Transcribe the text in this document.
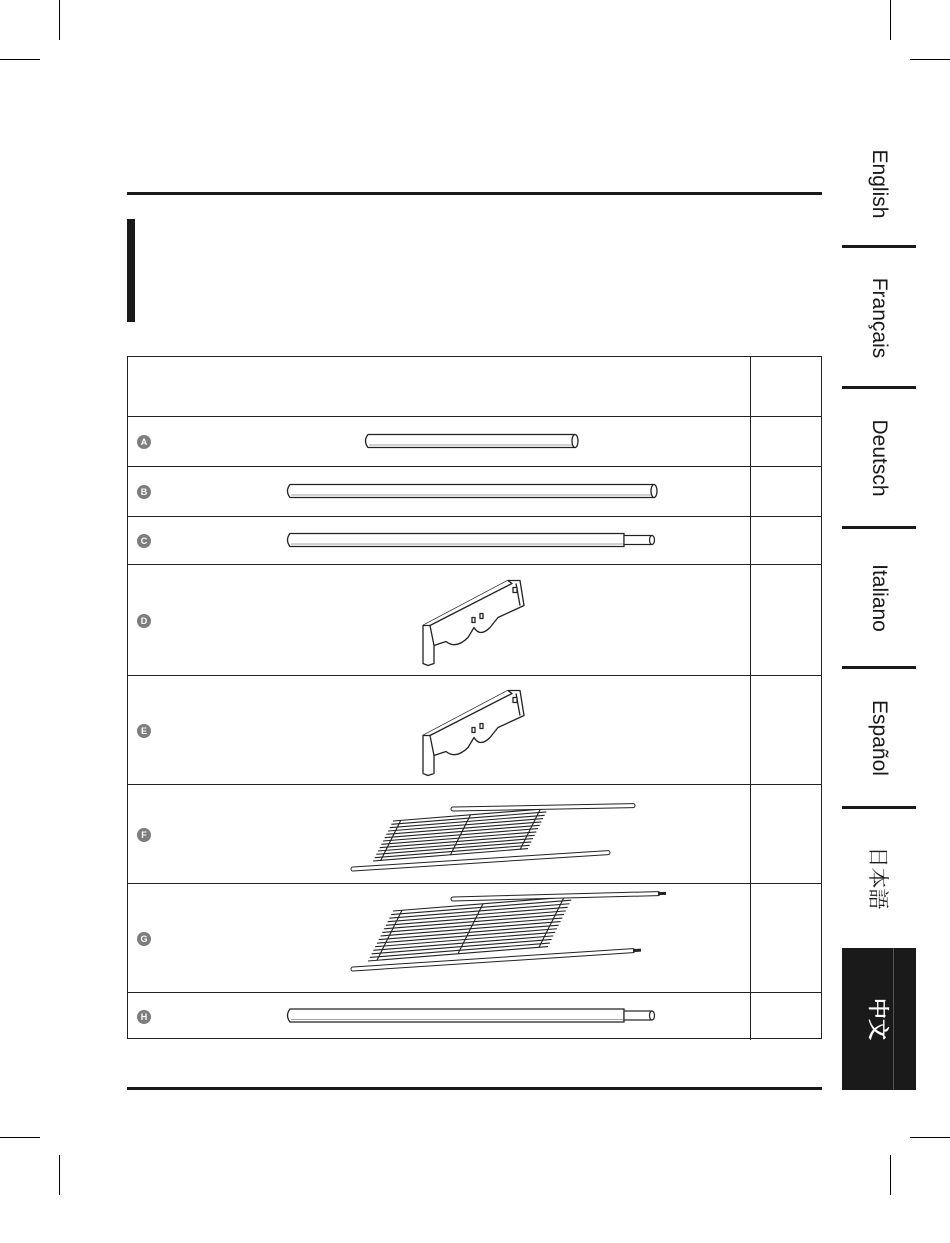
A
B
C
D
E
F
G
H
English
Français
Deutsch
Italiano
Español
日本語
中文
